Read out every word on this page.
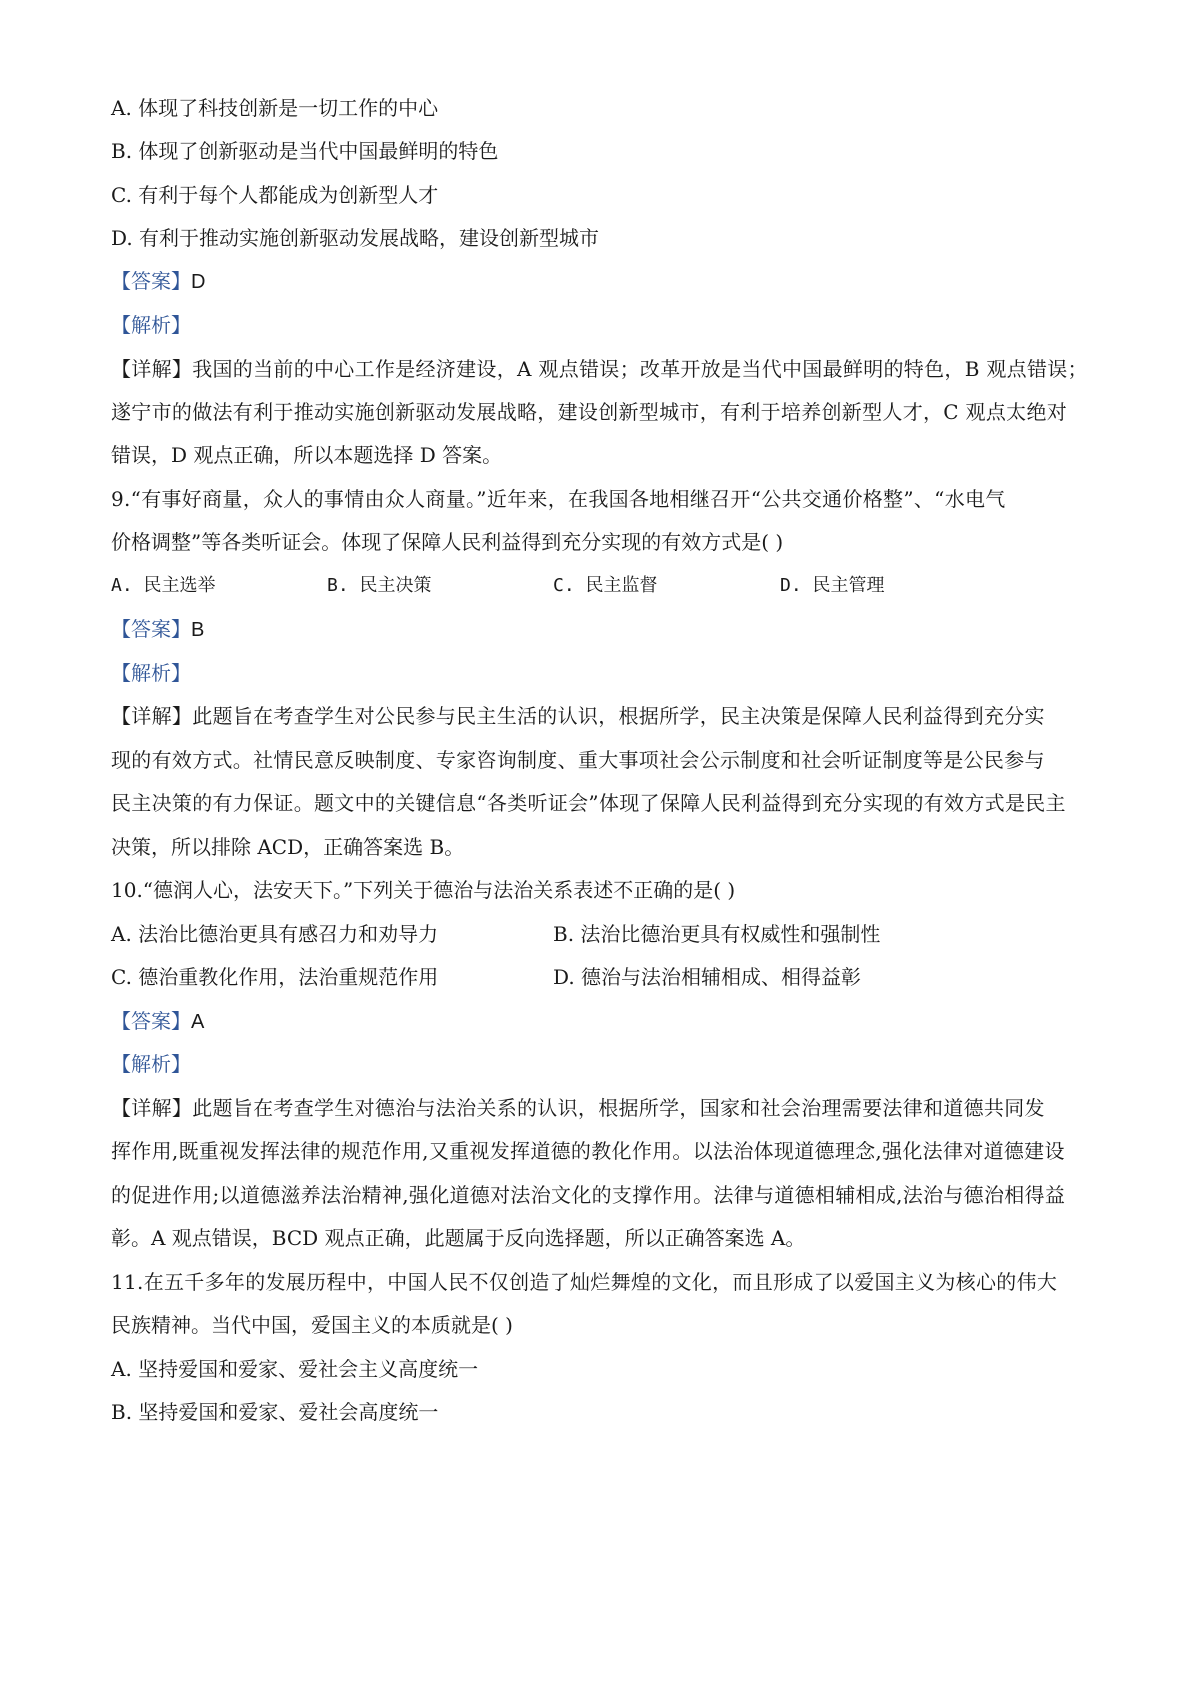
A. 体现了科技创新是一切工作的中心
B. 体现了创新驱动是当代中国最鲜明的特色
C. 有利于每个人都能成为创新型人才
D. 有利于推动实施创新驱动发展战略，建设创新型城市
【答案】D
【解析】
【详解】我国的当前的中心工作是经济建设，A 观点错误；改革开放是当代中国最鲜明的特色，B 观点错误；
遂宁市的做法有利于推动实施创新驱动发展战略，建设创新型城市，有利于培养创新型人才，C 观点太绝对
错误，D 观点正确，所以本题选择 D 答案。
9.“有事好商量，众人的事情由众人商量。”近年来，在我国各地相继召开“公共交通价格整”、“水电气
价格调整”等各类听证会。体现了保障人民利益得到充分实现的有效方式是( )
A. 民主选举	B. 民主决策	C. 民主监督	D. 民主管理
【答案】B
【解析】
【详解】此题旨在考查学生对公民参与民主生活的认识，根据所学，民主决策是保障人民利益得到充分实
现的有效方式。社情民意反映制度、专家咨询制度、重大事项社会公示制度和社会听证制度等是公民参与
民主决策的有力保证。题文中的关键信息“各类听证会”体现了保障人民利益得到充分实现的有效方式是民主
决策，所以排除 ACD，正确答案选 B。
10.“德润人心，法安天下。”下列关于德治与法治关系表述不正确的是( )
A. 法治比德治更具有感召力和劝导力	B. 法治比德治更具有权威性和强制性
C. 德治重教化作用，法治重规范作用	D. 德治与法治相辅相成、相得益彰
【答案】A
【解析】
【详解】此题旨在考查学生对德治与法治关系的认识，根据所学，国家和社会治理需要法律和道德共同发
挥作用,既重视发挥法律的规范作用,又重视发挥道德的教化作用。以法治体现道德理念,强化法律对道德建设
的促进作用;以道德滋养法治精神,强化道德对法治文化的支撑作用。法律与道德相辅相成,法治与德治相得益
彰。A 观点错误，BCD 观点正确，此题属于反向选择题，所以正确答案选 A。
11.在五千多年的发展历程中，中国人民不仅创造了灿烂舞煌的文化，而且形成了以爱国主义为核心的伟大
民族精神。当代中国，爱国主义的本质就是( )
A. 坚持爱国和爱家、爱社会主义高度统一
B. 坚持爱国和爱家、爱社会高度统一
